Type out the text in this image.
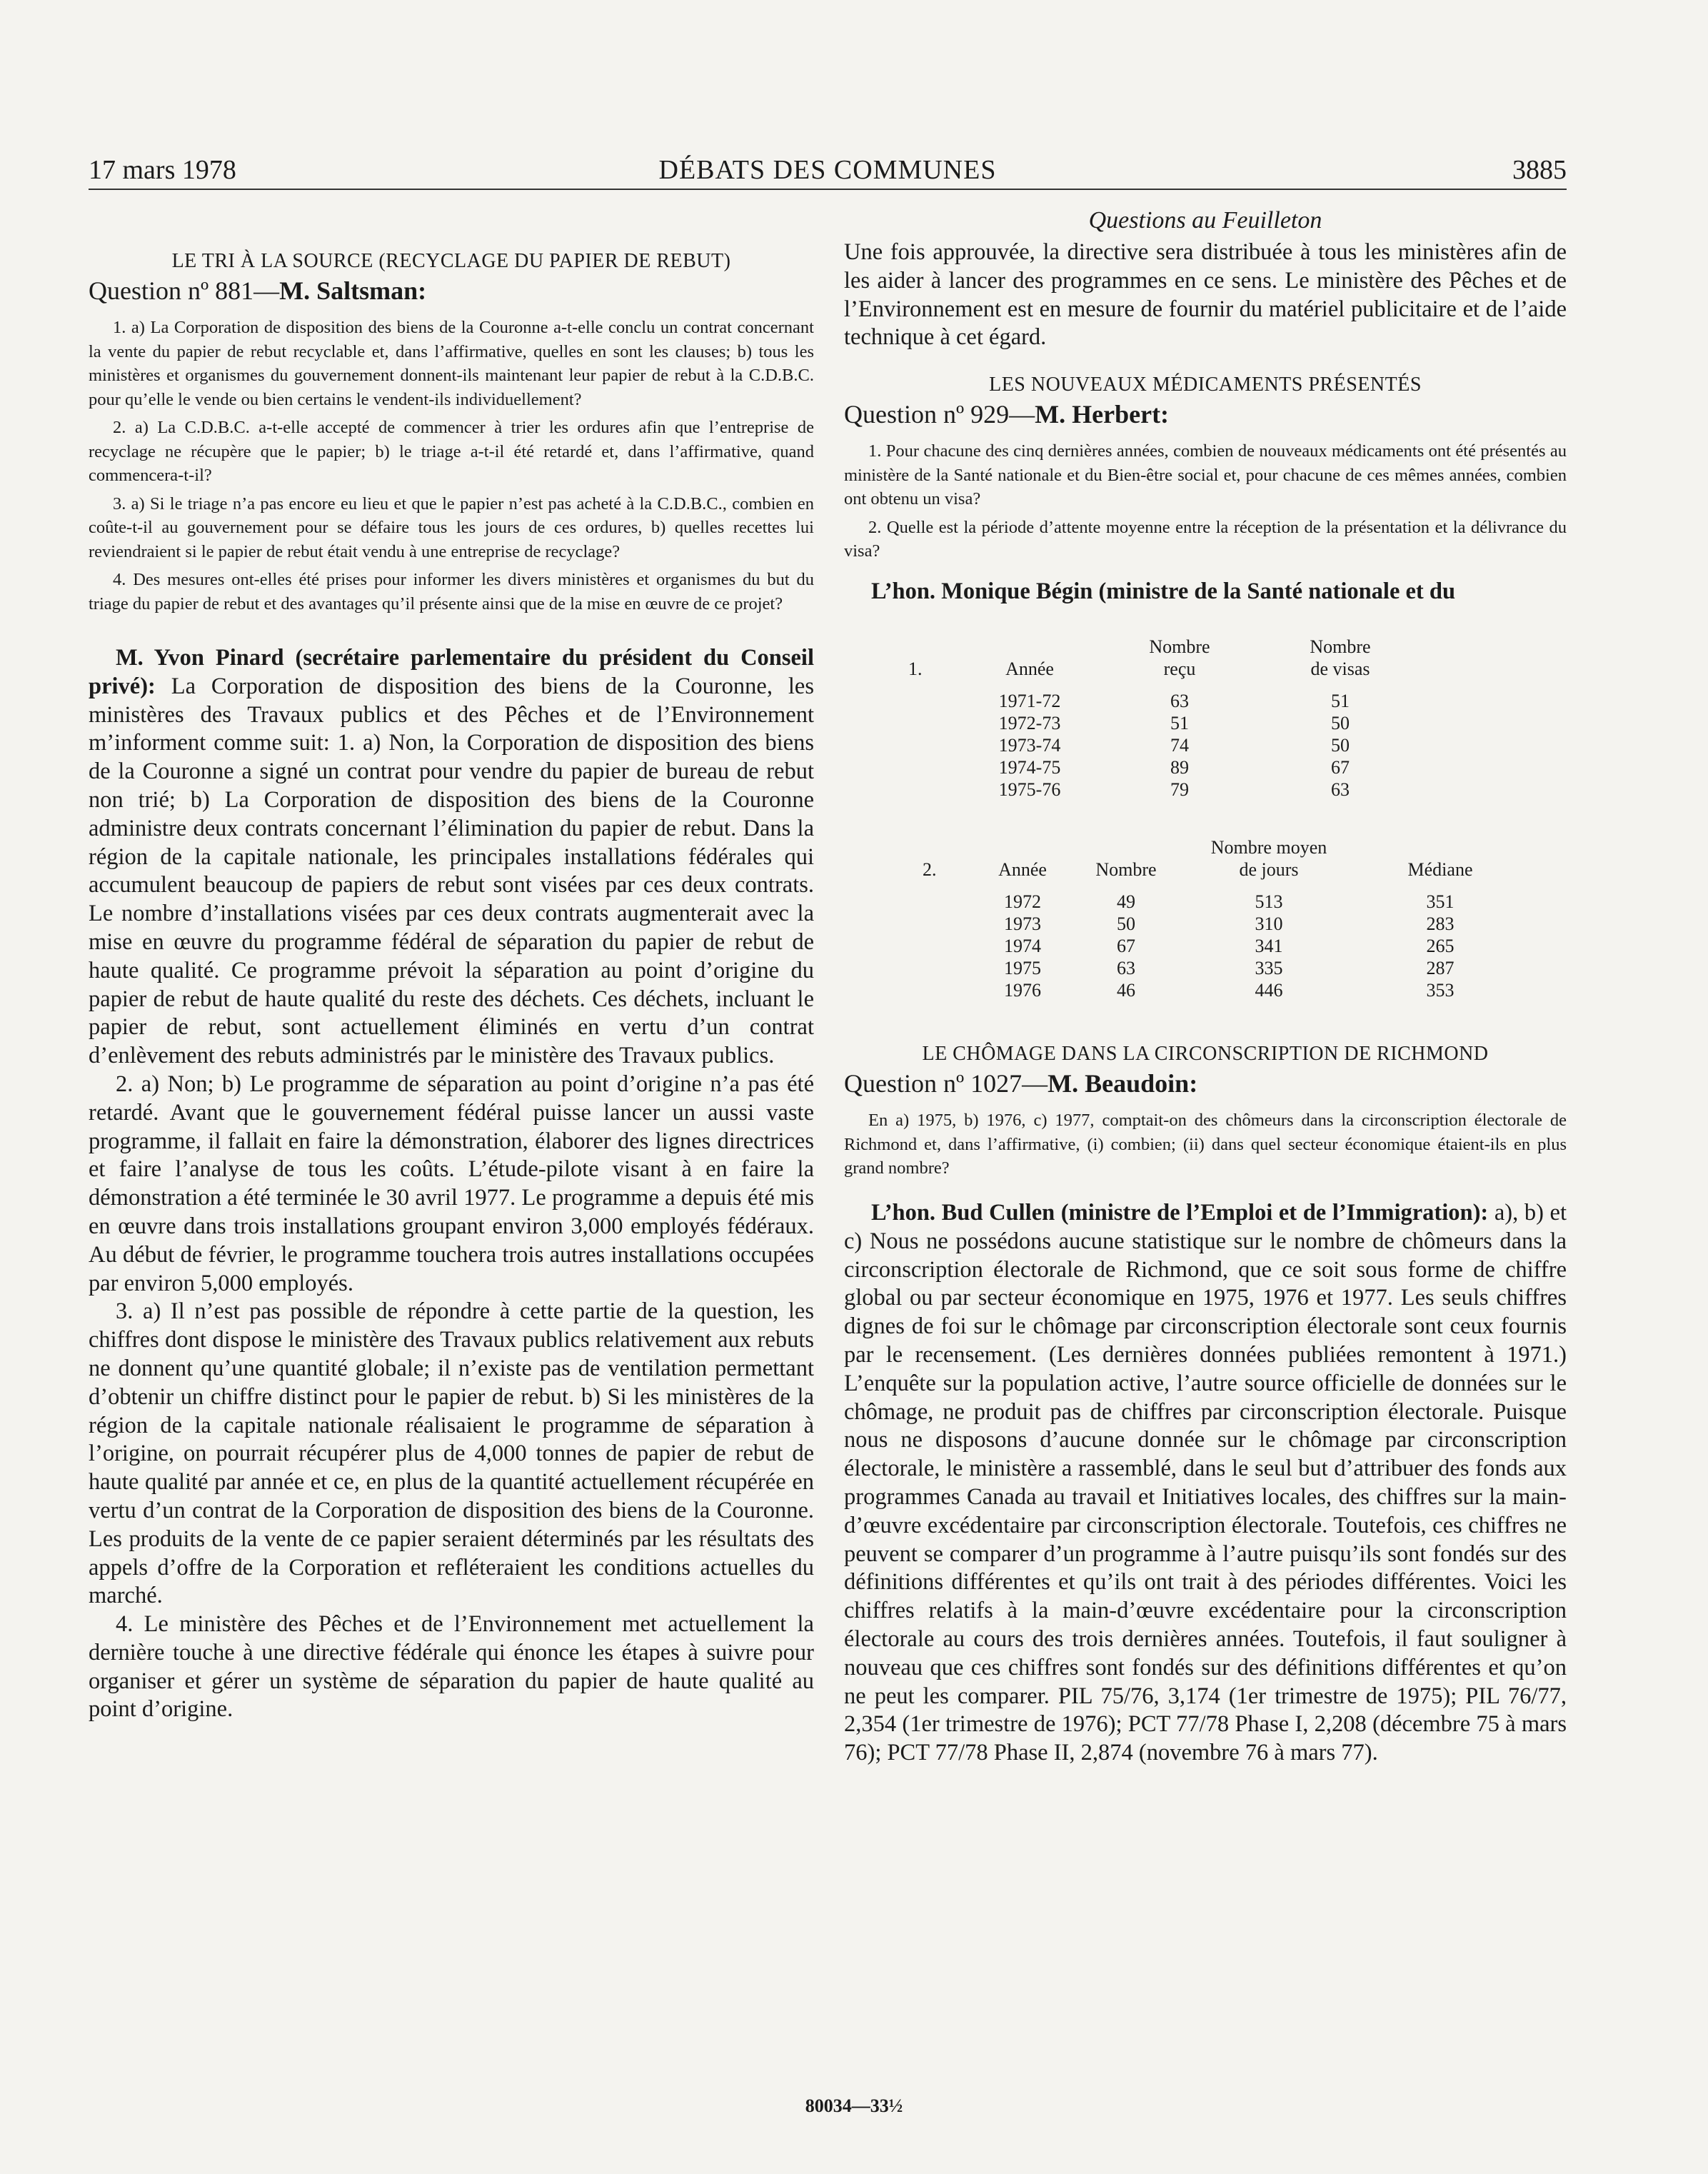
17 mars 1978	DÉBATS DES COMMUNES	3885

LE TRI À LA SOURCE (RECYCLAGE DU PAPIER DE REBUT)

Question nº 881—M. Saltsman:

1. a) La Corporation de disposition des biens de la Couronne a-t-elle conclu un contrat concernant la vente du papier de rebut recyclable et, dans l’affirmative, quelles en sont les clauses; b) tous les ministères et organismes du gouvernement donnent-ils maintenant leur papier de rebut à la C.D.B.C. pour qu’elle le vende ou bien certains le vendent-ils individuellement?

2. a) La C.D.B.C. a-t-elle accepté de commencer à trier les ordures afin que l’entreprise de recyclage ne récupère que le papier; b) le triage a-t-il été retardé et, dans l’affirmative, quand commencera-t-il?

3. a) Si le triage n’a pas encore eu lieu et que le papier n’est pas acheté à la C.D.B.C., combien en coûte-t-il au gouvernement pour se défaire tous les jours de ces ordures, b) quelles recettes lui reviendraient si le papier de rebut était vendu à une entreprise de recyclage?

4. Des mesures ont-elles été prises pour informer les divers ministères et organismes du but du triage du papier de rebut et des avantages qu’il présente ainsi que de la mise en œuvre de ce projet?

M. Yvon Pinard (secrétaire parlementaire du président du Conseil privé): La Corporation de disposition des biens de la Couronne, les ministères des Travaux publics et des Pêches et de l’Environnement m’informent comme suit: 1. a) Non, la Corporation de disposition des biens de la Couronne a signé un contrat pour vendre du papier de bureau de rebut non trié; b) La Corporation de disposition des biens de la Couronne administre deux contrats concernant l’élimination du papier de rebut. Dans la région de la capitale nationale, les principales installations fédérales qui accumulent beaucoup de papiers de rebut sont visées par ces deux contrats. Le nombre d’installations visées par ces deux contrats augmenterait avec la mise en œuvre du programme fédéral de séparation du papier de rebut de haute qualité. Ce programme prévoit la séparation au point d’origine du papier de rebut de haute qualité du reste des déchets. Ces déchets, incluant le papier de rebut, sont actuellement éliminés en vertu d’un contrat d’enlèvement des rebuts administrés par le ministère des Travaux publics.

2. a) Non; b) Le programme de séparation au point d’origine n’a pas été retardé. Avant que le gouvernement fédéral puisse lancer un aussi vaste programme, il fallait en faire la démonstration, élaborer des lignes directrices et faire l’analyse de tous les coûts. L’étude-pilote visant à en faire la démonstration a été terminée le 30 avril 1977. Le programme a depuis été mis en œuvre dans trois installations groupant environ 3,000 employés fédéraux. Au début de février, le programme touchera trois autres installations occupées par environ 5,000 employés.

3. a) Il n’est pas possible de répondre à cette partie de la question, les chiffres dont dispose le ministère des Travaux publics relativement aux rebuts ne donnent qu’une quantité globale; il n’existe pas de ventilation permettant d’obtenir un chiffre distinct pour le papier de rebut. b) Si les ministères de la région de la capitale nationale réalisaient le programme de séparation à l’origine, on pourrait récupérer plus de 4,000 tonnes de papier de rebut de haute qualité par année et ce, en plus de la quantité actuellement récupérée en vertu d’un contrat de la Corporation de disposition des biens de la Couronne. Les produits de la vente de ce papier seraient déterminés par les résultats des appels d’offre de la Corporation et refléteraient les conditions actuelles du marché.

4. Le ministère des Pêches et de l’Environnement met actuellement la dernière touche à une directive fédérale qui énonce les étapes à suivre pour organiser et gérer un système de séparation du papier de haute qualité au point d’origine.

Questions au Feuilleton

Une fois approuvée, la directive sera distribuée à tous les ministères afin de les aider à lancer des programmes en ce sens. Le ministère des Pêches et de l’Environnement est en mesure de fournir du matériel publicitaire et de l’aide technique à cet égard.

LES NOUVEAUX MÉDICAMENTS PRÉSENTÉS

Question nº 929—M. Herbert:

1. Pour chacune des cinq dernières années, combien de nouveaux médicaments ont été présentés au ministère de la Santé nationale et du Bien-être social et, pour chacune de ces mêmes années, combien ont obtenu un visa?

2. Quelle est la période d’attente moyenne entre la réception de la présentation et la délivrance du visa?

L’hon. Monique Bégin (ministre de la Santé nationale et du

1.		Nombre	Nombre
	Année	reçu	de visas

	1971-72	63	51
	1972-73	51	50
	1973-74	74	50
	1974-75	89	67
	1975-76	79	63
2.			Nombre moyen	
	Année	Nombre	de jours	Médiane

	1972	49	513	351
	1973	50	310	283
	1974	67	341	265
	1975	63	335	287
	1976	46	446	353

LE CHÔMAGE DANS LA CIRCONSCRIPTION DE RICHMOND

Question nº 1027—M. Beaudoin:

En a) 1975, b) 1976, c) 1977, comptait-on des chômeurs dans la circonscription électorale de Richmond et, dans l’affirmative, (i) combien; (ii) dans quel secteur économique étaient-ils en plus grand nombre?

L’hon. Bud Cullen (ministre de l’Emploi et de l’Immigration): a), b) et c) Nous ne possédons aucune statistique sur le nombre de chômeurs dans la circonscription électorale de Richmond, que ce soit sous forme de chiffre global ou par secteur économique en 1975, 1976 et 1977. Les seuls chiffres dignes de foi sur le chômage par circonscription électorale sont ceux fournis par le recensement. (Les dernières données publiées remontent à 1971.) L’enquête sur la population active, l’autre source officielle de données sur le chômage, ne produit pas de chiffres par circonscription électorale. Puisque nous ne disposons d’aucune donnée sur le chômage par circonscription électorale, le ministère a rassemblé, dans le seul but d’attribuer des fonds aux programmes Canada au travail et Initiatives locales, des chiffres sur la main-d’œuvre excédentaire par circonscription électorale. Toutefois, ces chiffres ne peuvent se comparer d’un programme à l’autre puisqu’ils sont fondés sur des définitions différentes et qu’ils ont trait à des périodes différentes. Voici les chiffres relatifs à la main-d’œuvre excédentaire pour la circonscription électorale au cours des trois dernières années. Toutefois, il faut souligner à nouveau que ces chiffres sont fondés sur des définitions différentes et qu’on ne peut les comparer. PIL 75/76, 3,174 (1er trimestre de 1975); PIL 76/77, 2,354 (1er trimestre de 1976); PCT 77/78 Phase I, 2,208 (décembre 75 à mars 76); PCT 77/78 Phase II, 2,874 (novembre 76 à mars 77).

80034—33½
